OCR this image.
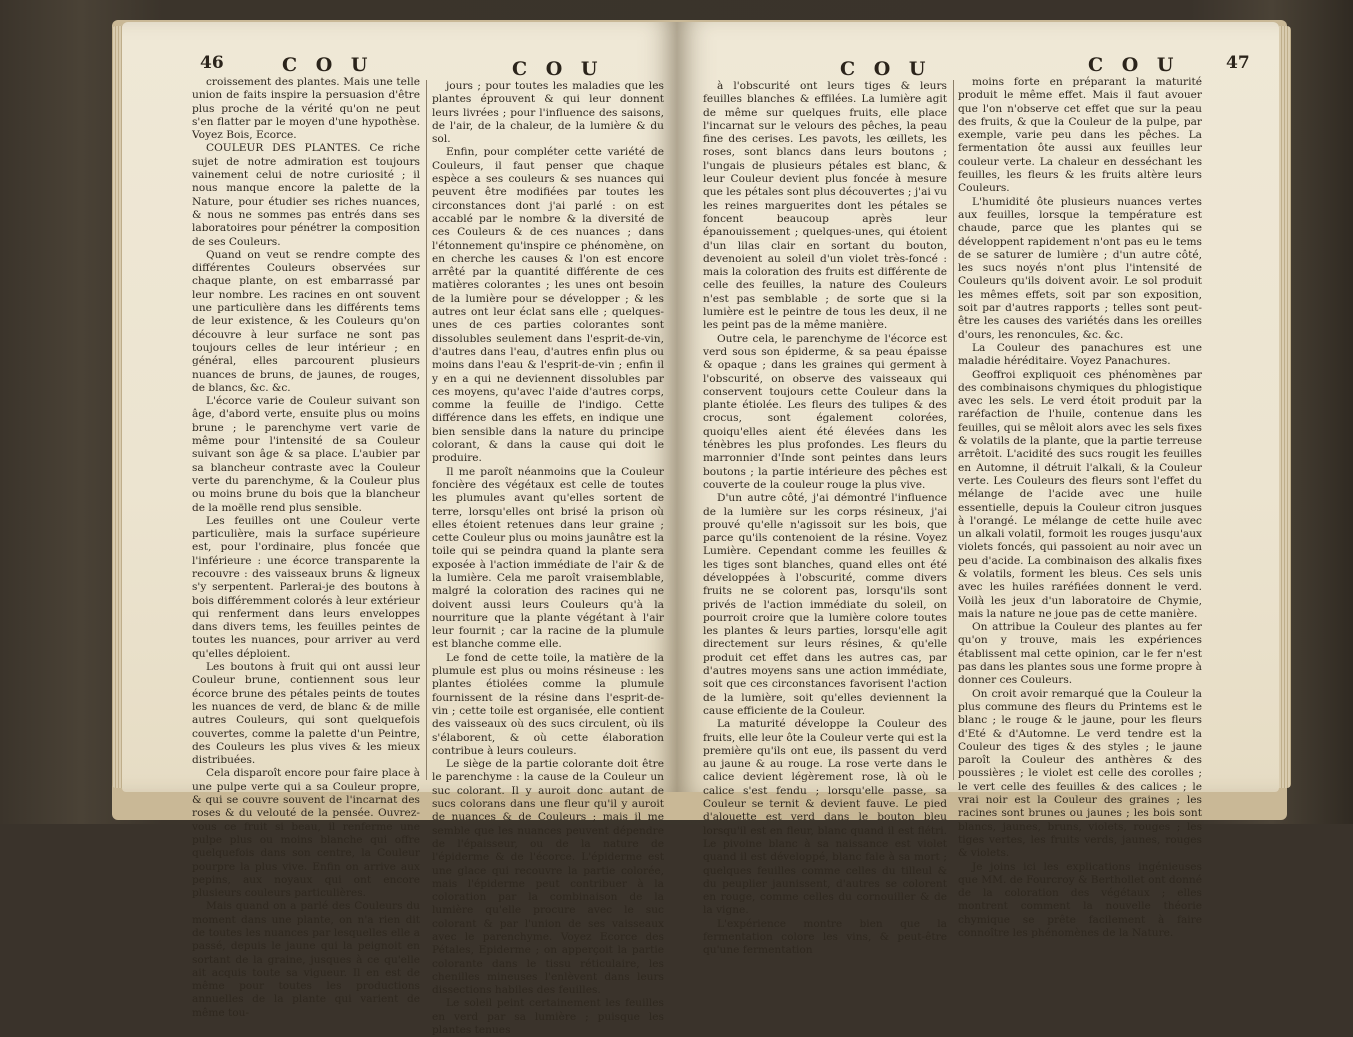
46	C O U	C O U	C O U	C O U	47

croissement des plantes. Mais une telle union de faits inspire la persuasion d'être plus proche de la vérité qu'on ne peut s'en flatter par le moyen d'une hypothèse. Voyez Bois, Ecorce.

COULEUR DES PLANTES. Ce riche sujet de notre admiration est toujours vainement celui de notre curiosité ; il nous manque encore la palette de la Nature, pour étudier ses riches nuances, & nous ne sommes pas entrés dans ses laboratoires pour pénétrer la composition de ses Couleurs.

Quand on veut se rendre compte des différentes Couleurs observées sur chaque plante, on est embarrassé par leur nombre. Les racines en ont souvent une particulière dans les différents tems de leur existence, & les Couleurs qu'on découvre à leur surface ne sont pas toujours celles de leur intérieur ; en général, elles parcourent plusieurs nuances de bruns, de jaunes, de rouges, de blancs, &c. &c.

L'écorce varie de Couleur suivant son âge, d'abord verte, ensuite plus ou moins brune ; le parenchyme vert varie de même pour l'intensité de sa Couleur suivant son âge & sa place. L'aubier par sa blancheur contraste avec la Couleur verte du parenchyme, & la Couleur plus ou moins brune du bois que la blancheur de la moëlle rend plus sensible.

Les feuilles ont une Couleur verte particulière, mais la surface supérieure est, pour l'ordinaire, plus foncée que l'inférieure : une écorce transparente la recouvre : des vaisseaux bruns & ligneux s'y serpentent. Parlerai-je des boutons à bois différemment colorés à leur extérieur qui renferment dans leurs enveloppes dans divers tems, les feuilles peintes de toutes les nuances, pour arriver au verd qu'elles déploient.

Les boutons à fruit qui ont aussi leur Couleur brune, contiennent sous leur écorce brune des pétales peints de toutes les nuances de verd, de blanc & de mille autres Couleurs, qui sont quelquefois couvertes, comme la palette d'un Peintre, des Couleurs les plus vives & les mieux distribuées.

Cela disparoît encore pour faire place à une pulpe verte qui a sa Couleur propre, & qui se couvre souvent de l'incarnat des roses & du velouté de la pensée. Ouvrez-vous ce fruit si beau, il renferme une pulpe plus ou moins blanche qui offre quelquefois dans son centre, la Couleur pourpre la plus vive. Enfin on arrive aux pepins, aux noyaux qui ont encore plusieurs couleurs particulières.

Mais quand on a parlé des Couleurs du moment dans une plante, on n'a rien dit de toutes les nuances par lesquelles elle a passé, depuis le jaune qui la peignoit en sortant de la graine, jusques à ce qu'elle ait acquis toute sa vigueur. Il en est de même pour toutes les productions annuelles de la plante qui varient de même tou-

jours ; pour toutes les maladies que les plantes éprouvent & qui leur donnent leurs livrées ; pour l'influence des saisons, de l'air, de la chaleur, de la lumière & du sol.

Enfin, pour compléter cette variété de Couleurs, il faut penser que chaque espèce a ses couleurs & ses nuances qui peuvent être modifiées par toutes les circonstances dont j'ai parlé : on est accablé par le nombre & la diversité de ces Couleurs & de ces nuances ; dans l'étonnement qu'inspire ce phénomène, on en cherche les causes & l'on est encore arrêté par la quantité différente de ces matières colorantes ; les unes ont besoin de la lumière pour se développer ; & les autres ont leur éclat sans elle ; quelques-unes de ces parties colorantes sont dissolubles seulement dans l'esprit-de-vin, d'autres dans l'eau, d'autres enfin plus ou moins dans l'eau & l'esprit-de-vin ; enfin il y en a qui ne deviennent dissolubles par ces moyens, qu'avec l'aide d'autres corps, comme la feuille de l'indigo. Cette différence dans les effets, en indique une bien sensible dans la nature du principe colorant, & dans la cause qui doit le produire.

Il me paroît néanmoins que la Couleur foncière des végétaux est celle de toutes les plumules avant qu'elles sortent de terre, lorsqu'elles ont brisé la prison où elles étoient retenues dans leur graine ; cette Couleur plus ou moins jaunâtre est la toile qui se peindra quand la plante sera exposée à l'action immédiate de l'air & de la lumière. Cela me paroît vraisemblable, malgré la coloration des racines qui ne doivent aussi leurs Couleurs qu'à la nourriture que la plante végétant à l'air leur fournit ; car la racine de la plumule est blanche comme elle.

Le fond de cette toile, la matière de la plumule est plus ou moins résineuse : les plantes étiolées comme la plumule fournissent de la résine dans l'esprit-de-vin ; cette toile est organisée, elle contient des vaisseaux où des sucs circulent, où ils s'élaborent, & où cette élaboration contribue à leurs couleurs.

Le siège de la partie colorante doit être le parenchyme : la cause de la Couleur un suc colorant. Il y auroit donc autant de sucs colorans dans une fleur qu'il y auroit de nuances & de Couleurs ; mais il me semble que les nuances peuvent dépendre de l'épaisseur, ou de la nature de l'épiderme & de l'écorce. L'épiderme est une glace qui recouvre la partie colorée, mais l'épiderme peut contribuer à la coloration par la combinaison de la lumière qu'elle procure avec le suc colorant & par l'union de ses vaisseaux avec le parenchyme. Voyez Ecorce des Pétales, Epiderme ; on apperçoit la partie colorante dans le tissu réticulaire, les chenilles mineuses l'enlèvent dans leurs dissections habiles des feuilles.

Le soleil peint certainement les feuilles en verd par sa lumière ; puisque les plantes tenues

à l'obscurité ont leurs tiges & leurs feuilles blanches & effilées. La lumière agit de même sur quelques fruits, elle place l'incarnat sur le velours des pêches, la peau fine des cerises. Les pavots, les œillets, les roses, sont blancs dans leurs boutons ; l'ungais de plusieurs pétales est blanc, & leur Couleur devient plus foncée à mesure que les pétales sont plus découvertes ; j'ai vu les reines marguerites dont les pétales se foncent beaucoup après leur épanouissement ; quelques-unes, qui étoient d'un lilas clair en sortant du bouton, devenoient au soleil d'un violet très-foncé : mais la coloration des fruits est différente de celle des feuilles, la nature des Couleurs n'est pas semblable ; de sorte que si la lumière est le peintre de tous les deux, il ne les peint pas de la même manière.

Outre cela, le parenchyme de l'écorce est verd sous son épiderme, & sa peau épaisse & opaque ; dans les graines qui germent à l'obscurité, on observe des vaisseaux qui conservent toujours cette Couleur dans la plante étiolée. Les fleurs des tulipes & des crocus, sont également colorées, quoiqu'elles aient été élevées dans les ténèbres les plus profondes. Les fleurs du marronnier d'Inde sont peintes dans leurs boutons ; la partie intérieure des pêches est couverte de la couleur rouge la plus vive.

D'un autre côté, j'ai démontré l'influence de la lumière sur les corps résineux, j'ai prouvé qu'elle n'agissoit sur les bois, que parce qu'ils contenoient de la résine. Voyez Lumière. Cependant comme les feuilles & les tiges sont blanches, quand elles ont été développées à l'obscurité, comme divers fruits ne se colorent pas, lorsqu'ils sont privés de l'action immédiate du soleil, on pourroit croire que la lumière colore toutes les plantes & leurs parties, lorsqu'elle agit directement sur leurs résines, & qu'elle produit cet effet dans les autres cas, par d'autres moyens sans une action immédiate, soit que ces circonstances favorisent l'action de la lumière, soit qu'elles deviennent la cause efficiente de la Couleur.

La maturité développe la Couleur des fruits, elle leur ôte la Couleur verte qui est la première qu'ils ont eue, ils passent du verd au jaune & au rouge. La rose verte dans le calice devient légèrement rose, là où le calice s'est fendu ; lorsqu'elle passe, sa Couleur se ternit & devient fauve. Le pied d'alouette est verd dans le bouton bleu lorsqu'il est en fleur, blanc quand il est flétri. Le pivoine blanc à sa naissance est violet quand il est développé, blanc fale à sa mort ; quelques feuilles comme celles du tilleul & du peuplier jaunissent, d'autres se colorent en rouge, comme celles du cornouiller & de la vigne.

L'expérience montre bien que la fermentation colore les vins, & peut-être qu'une fermentation

moins forte en préparant la maturité produit le même effet. Mais il faut avouer que l'on n'observe cet effet que sur la peau des fruits, & que la Couleur de la pulpe, par exemple, varie peu dans les pêches. La fermentation ôte aussi aux feuilles leur couleur verte. La chaleur en desséchant les feuilles, les fleurs & les fruits altère leurs Couleurs.

L'humidité ôte plusieurs nuances vertes aux feuilles, lorsque la température est chaude, parce que les plantes qui se développent rapidement n'ont pas eu le tems de se saturer de lumière ; d'un autre côté, les sucs noyés n'ont plus l'intensité de Couleurs qu'ils doivent avoir. Le sol produit les mêmes effets, soit par son exposition, soit par d'autres rapports ; telles sont peut-être les causes des variétés dans les oreilles d'ours, les renoncules, &c. &c.

La Couleur des panachures est une maladie héréditaire. Voyez Panachures.

Geoffroi expliquoit ces phénomènes par des combinaisons chymiques du phlogistique avec les sels. Le verd étoit produit par la raréfaction de l'huile, contenue dans les feuilles, qui se mêloit alors avec les sels fixes & volatils de la plante, que la partie terreuse arrêtoit. L'acidité des sucs rougit les feuilles en Automne, il détruit l'alkali, & la Couleur verte. Les Couleurs des fleurs sont l'effet du mélange de l'acide avec une huile essentielle, depuis la Couleur citron jusques à l'orangé. Le mélange de cette huile avec un alkali volatil, formoit les rouges jusqu'aux violets foncés, qui passoient au noir avec un peu d'acide. La combinaison des alkalis fixes & volatils, forment les bleus. Ces sels unis avec les huiles raréfiées donnent le verd. Voilà les jeux d'un laboratoire de Chymie, mais la nature ne joue pas de cette manière.

On attribue la Couleur des plantes au fer qu'on y trouve, mais les expériences établissent mal cette opinion, car le fer n'est pas dans les plantes sous une forme propre à donner ces Couleurs.

On croit avoir remarqué que la Couleur la plus commune des fleurs du Printems est le blanc ; le rouge & le jaune, pour les fleurs d'Eté & d'Automne. Le verd tendre est la Couleur des tiges & des styles ; le jaune paroît la Couleur des anthères & des poussières ; le violet est celle des corolles ; le vert celle des feuilles & des calices ; le vrai noir est la Couleur des graines ; les racines sont brunes ou jaunes ; les bois sont blancs, jaunes, bruns, violets, rouges ; les tiges vertes, les fruits verds, jaunes, rouges & violets.

Je joins ici les explications ingénieuses que MM. de Fourcroy & Berthollet ont donné de la coloration des végétaux ; elles montrent comment la nouvelle théorie chymique se prête facilement à faire connoître les phénomènes de la Nature.
